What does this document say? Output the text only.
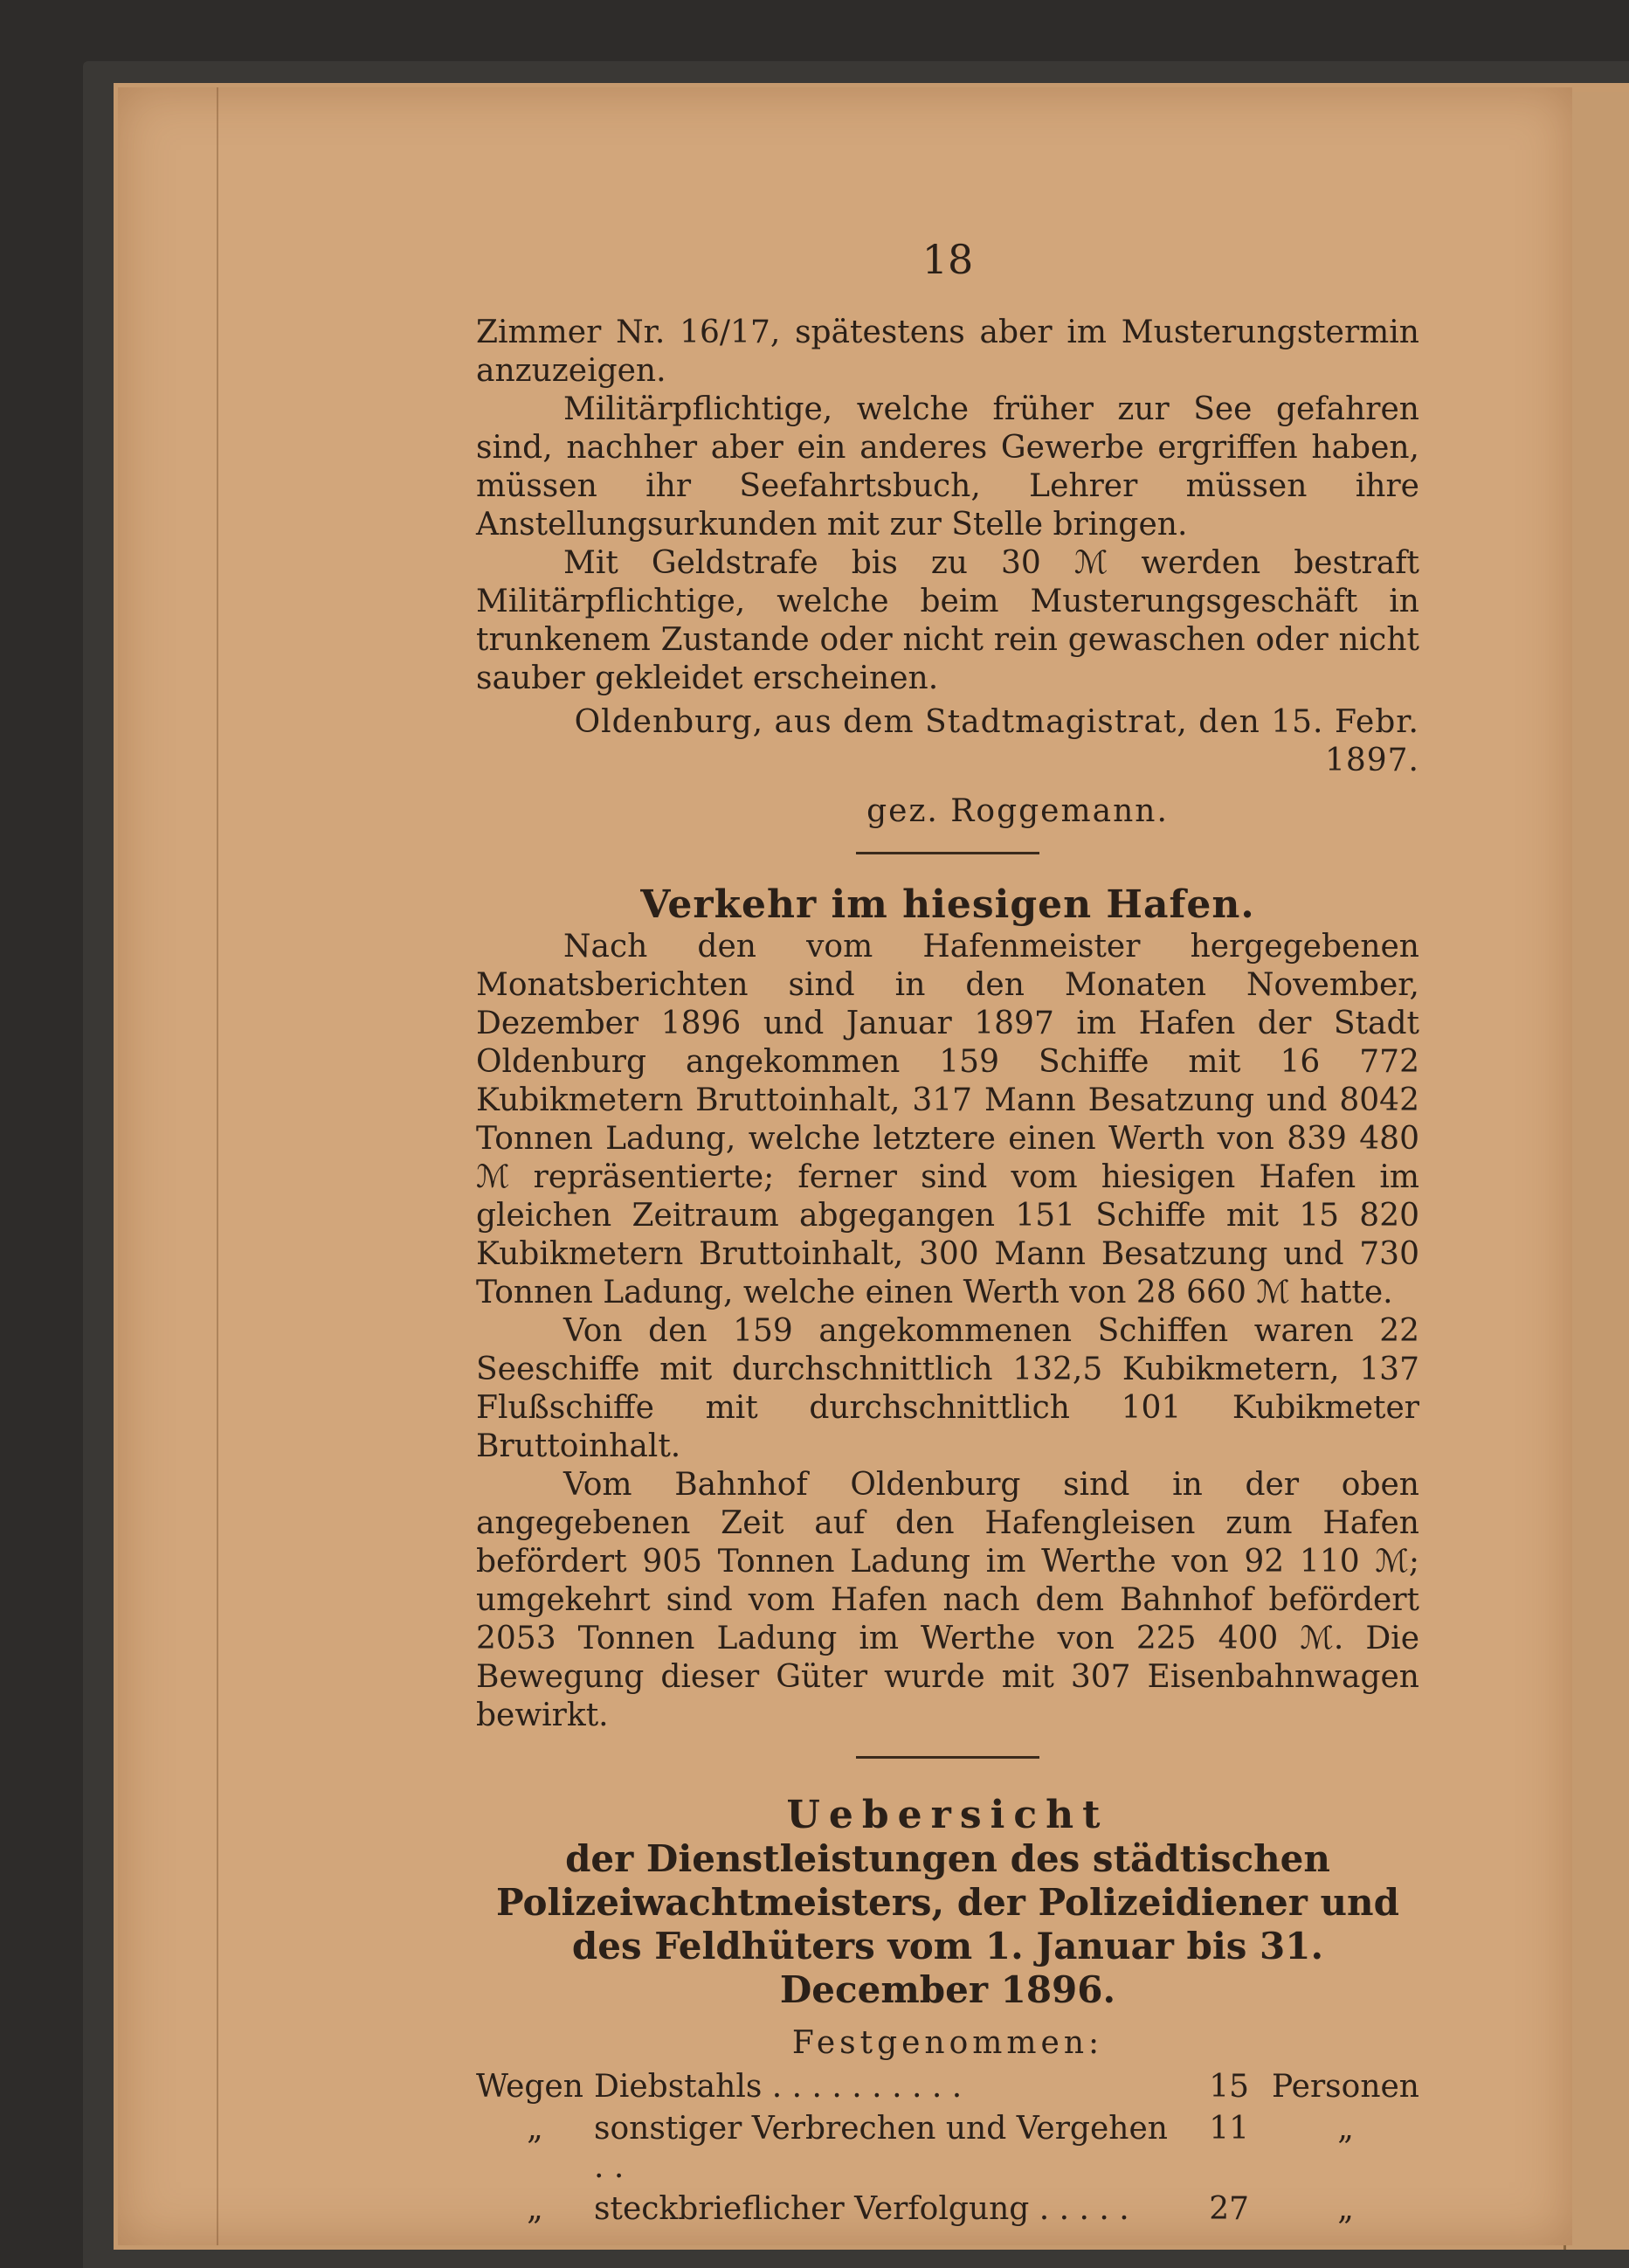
18

Zimmer Nr. 16/17, spätestens aber im Musterungstermin anzuzeigen.

Militärpflichtige, welche früher zur See gefahren sind, nachher aber ein anderes Gewerbe ergriffen haben, müssen ihr Seefahrtsbuch, Lehrer müssen ihre Anstellungsurkunden mit zur Stelle bringen.

Mit Geldstrafe bis zu 30 ℳ werden bestraft Militärpflichtige, welche beim Musterungsgeschäft in trunkenem Zustande oder nicht rein gewaschen oder nicht sauber gekleidet erscheinen.

Oldenburg, aus dem Stadtmagistrat, den 15. Febr. 1897.

gez. Roggemann.

Verkehr im hiesigen Hafen.

Nach den vom Hafenmeister hergegebenen Monatsberichten sind in den Monaten November, Dezember 1896 und Januar 1897 im Hafen der Stadt Oldenburg angekommen 159 Schiffe mit 16 772 Kubikmetern Bruttoinhalt, 317 Mann Besatzung und 8042 Tonnen Ladung, welche letztere einen Werth von 839 480 ℳ repräsentierte; ferner sind vom hiesigen Hafen im gleichen Zeitraum abgegangen 151 Schiffe mit 15 820 Kubikmetern Bruttoinhalt, 300 Mann Besatzung und 730 Tonnen Ladung, welche einen Werth von 28 660 ℳ hatte.

Von den 159 angekommenen Schiffen waren 22 Seeschiffe mit durchschnittlich 132,5 Kubikmetern, 137 Flußschiffe mit durchschnittlich 101 Kubikmeter Bruttoinhalt.

Vom Bahnhof Oldenburg sind in der oben angegebenen Zeit auf den Hafengleisen zum Hafen befördert 905 Tonnen Ladung im Werthe von 92 110 ℳ; umgekehrt sind vom Hafen nach dem Bahnhof befördert 2053 Tonnen Ladung im Werthe von 225 400 ℳ. Die Bewegung dieser Güter wurde mit 307 Eisenbahnwagen bewirkt.

Uebersicht
der Dienstleistungen des städtischen Polizeiwachtmeisters, der Polizeidiener und des Feldhüters vom 1. Januar bis 31. December 1896.
Festgenommen:
Wegen	Diebstahls . . . . . . . . . .	15	Personen
„	sonstiger Verbrechen und Vergehen . .	11	„
„	steckbrieflicher Verfolgung . . . . .	27	„
